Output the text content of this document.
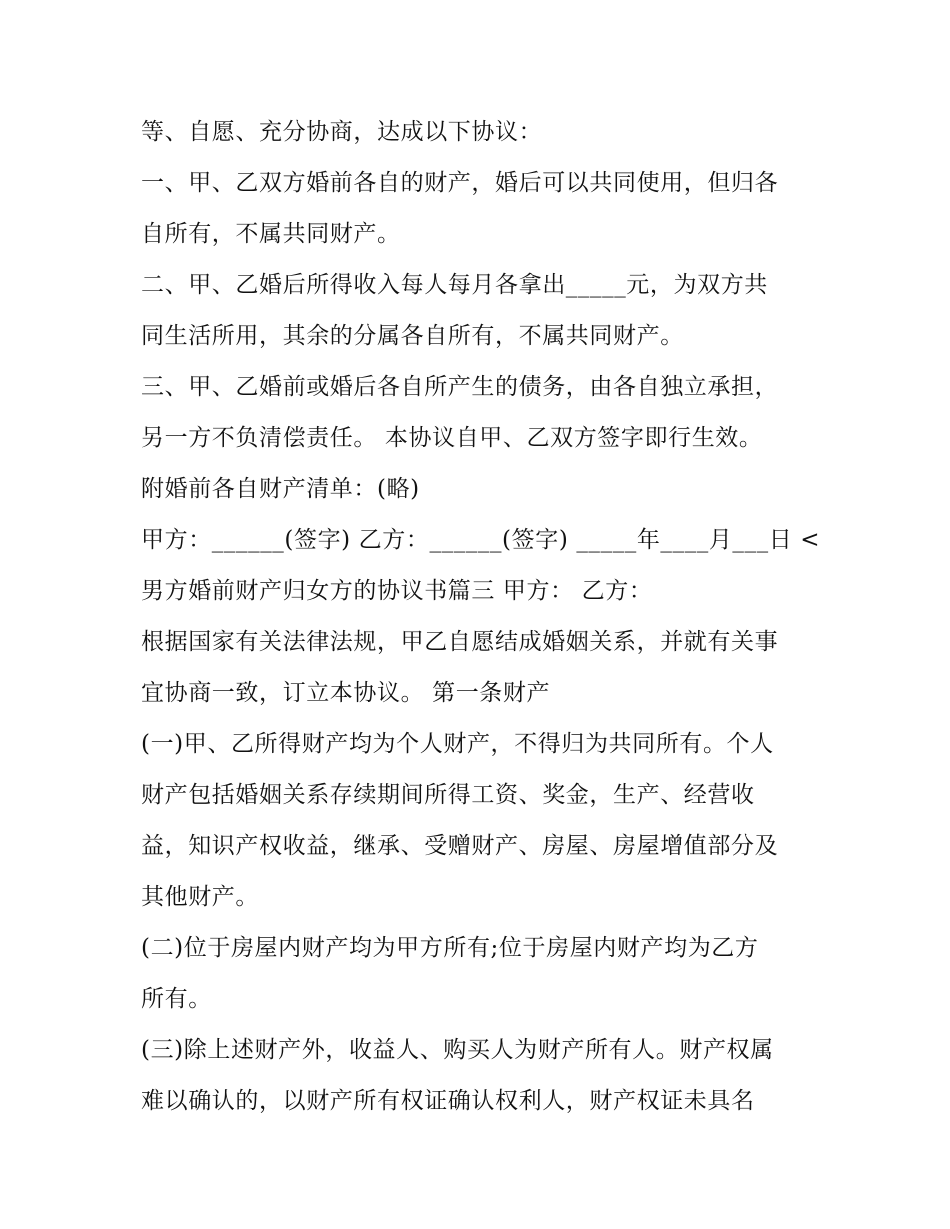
等、自愿、充分协商，达成以下协议：
一、甲、乙双方婚前各自的财产，婚后可以共同使用，但归各
自所有，不属共同财产。
二、甲、乙婚后所得收入每人每月各拿出_____元，为双方共
同生活所用，其余的分属各自所有，不属共同财产。
三、甲、乙婚前或婚后各自所产生的债务，由各自独立承担，
另一方不负清偿责任。 本协议自甲、乙双方签字即行生效。
附婚前各自财产清单：(略)
甲方：______(签字) 乙方：______(签字) _____年____月___日 <
男方婚前财产归女方的协议书篇三 甲方： 乙方：
根据国家有关法律法规，甲乙自愿结成婚姻关系，并就有关事
宜协商一致，订立本协议。 第一条财产
(一)甲、乙所得财产均为个人财产，不得归为共同所有。个人
财产包括婚姻关系存续期间所得工资、奖金，生产、经营收
益，知识产权收益，继承、受赠财产、房屋、房屋增值部分及
其他财产。
(二)位于房屋内财产均为甲方所有;位于房屋内财产均为乙方
所有。
(三)除上述财产外，收益人、购买人为财产所有人。财产权属
难以确认的，以财产所有权证确认权利人，财产权证未具名
